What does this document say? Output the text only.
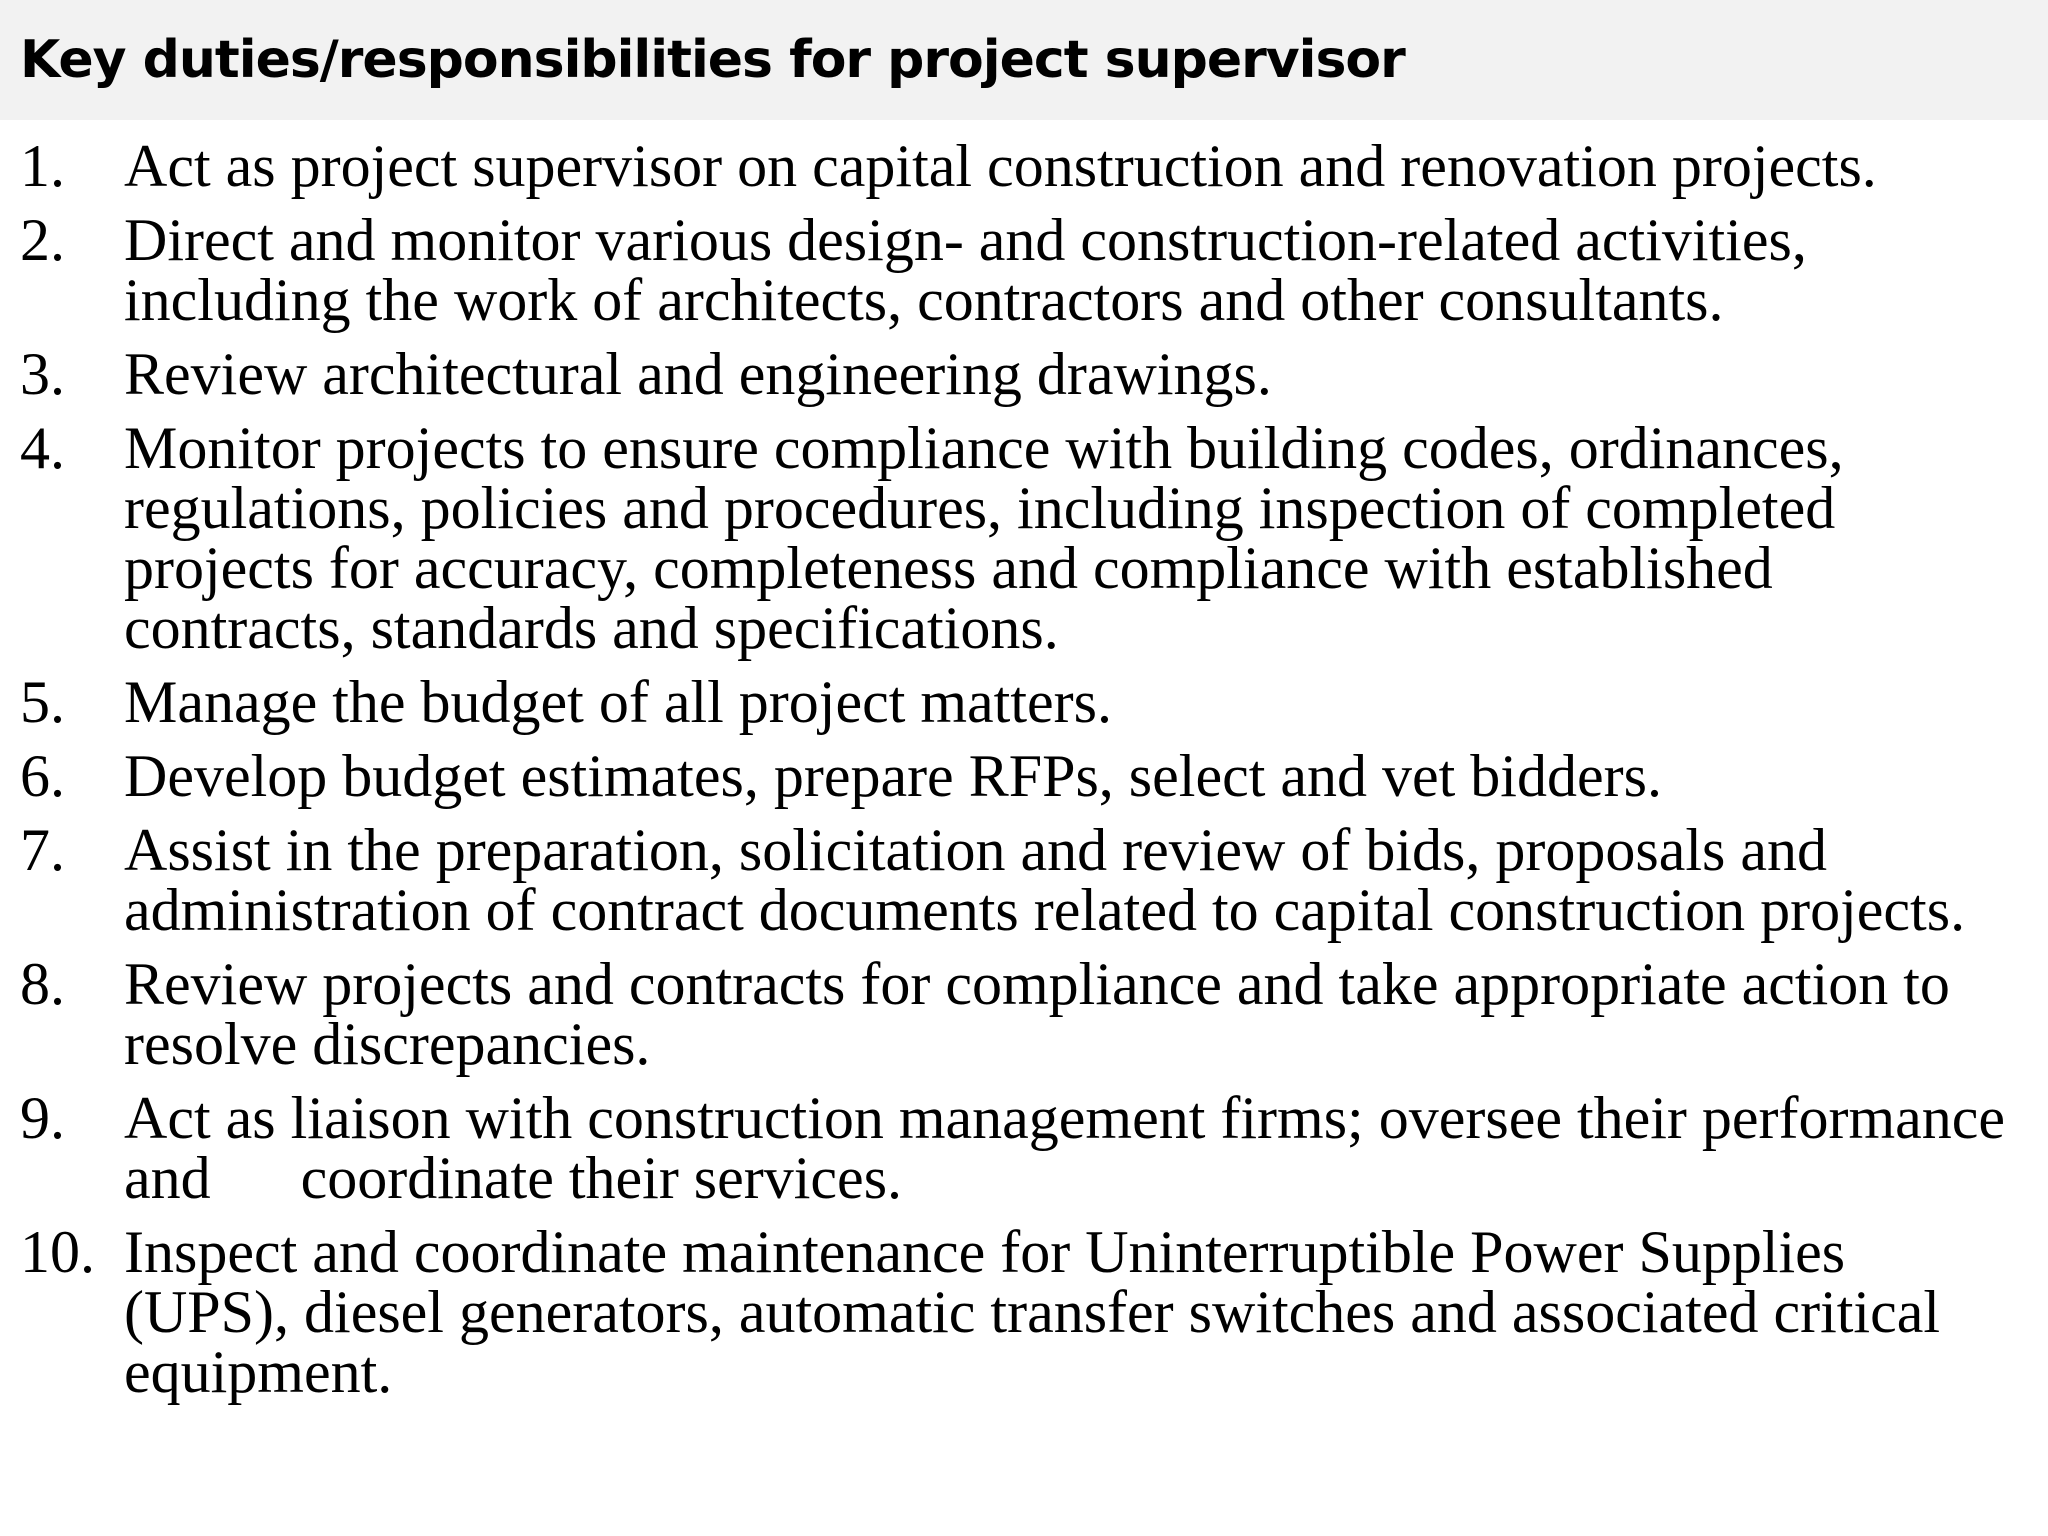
Key duties/responsibilities for project supervisor
1. Act as project supervisor on capital construction and renovation projects.
2. Direct and monitor various design- and construction-related activities, including the work of architects, contractors and other consultants.
3. Review architectural and engineering drawings.
4. Monitor projects to ensure compliance with building codes, ordinances, regulations, policies and procedures, including inspection of completed projects for accuracy, completeness and compliance with established contracts, standards and specifications.
5. Manage the budget of all project matters.
6. Develop budget estimates, prepare RFPs, select and vet bidders.
7. Assist in the preparation, solicitation and review of bids, proposals and administration of contract documents related to capital construction projects.
8. Review projects and contracts for compliance and take appropriate action to resolve discrepancies.
9. Act as liaison with construction management firms; oversee their performance and      coordinate their services.
10. Inspect and coordinate maintenance for Uninterruptible Power Supplies (UPS), diesel generators, automatic transfer switches and associated critical equipment.
